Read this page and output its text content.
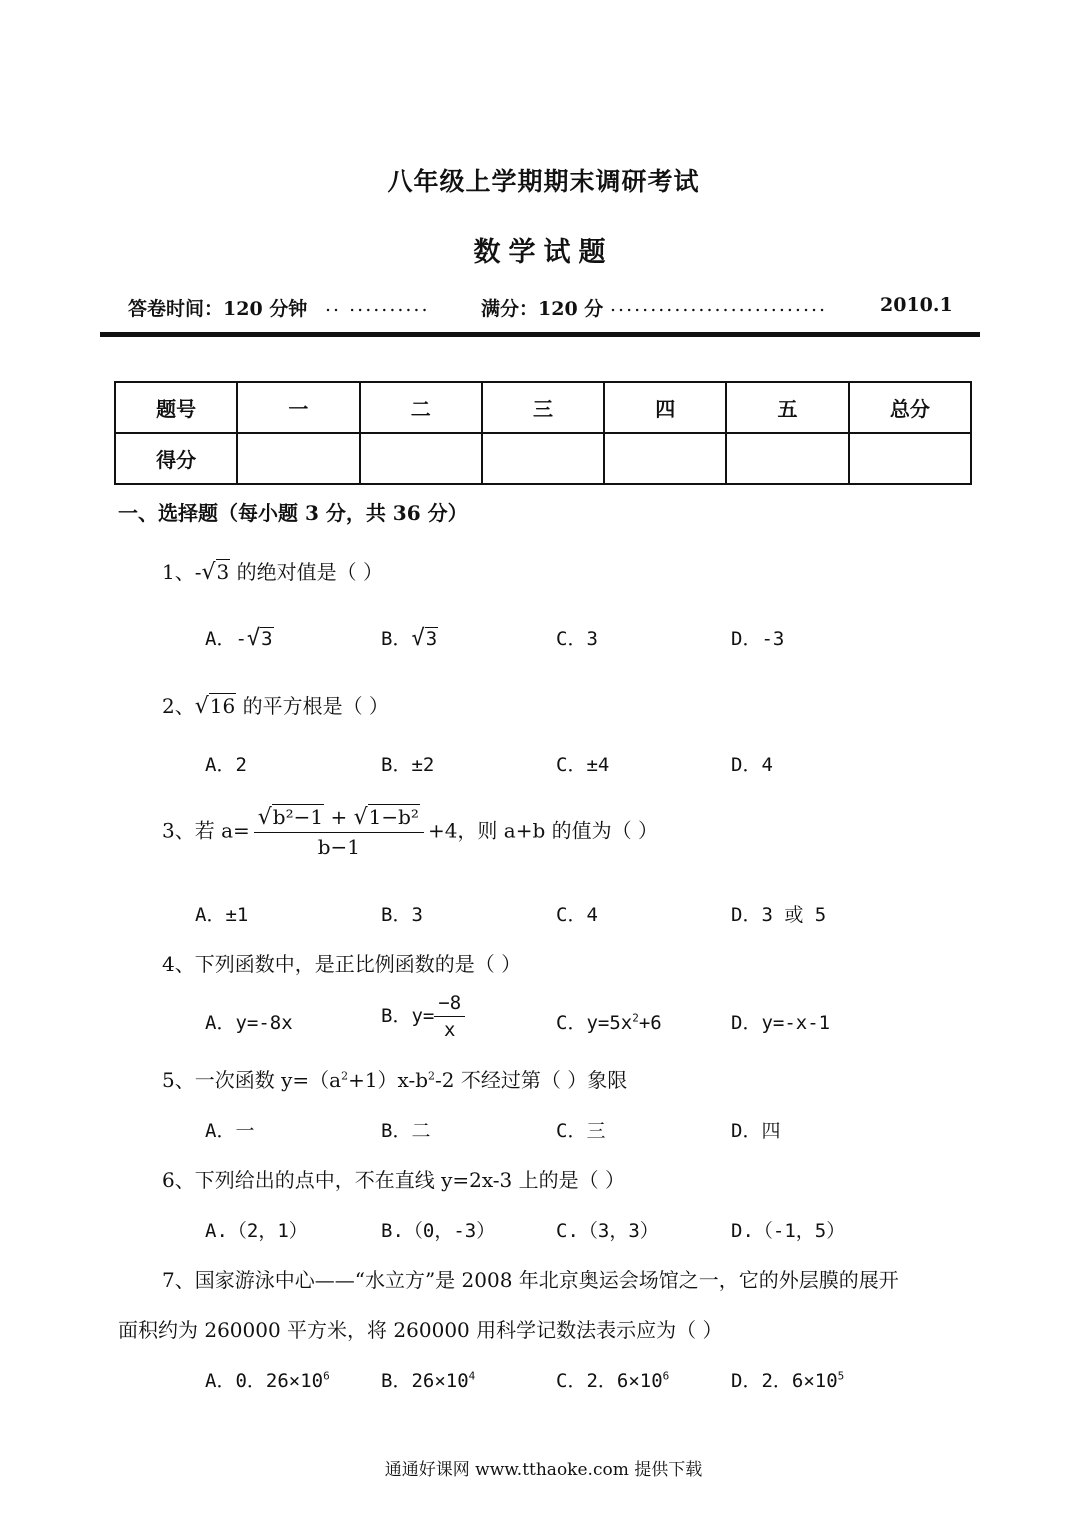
八年级上学期期末调研考试
数学试题
答卷时间：120 分钟 .. ..........	满分：120 分 ...........................	2010.1
题号	一	二	三	四	五	总分
得分						
一、选择题（每小题 3 分，共 36 分）
1、-√3 的绝对值是（ ）
A．-√3	B．√3	C．3	D．-3
2、√16 的平方根是（ ）
A．2	B．±2	C．±4	D．4
3、若 $a= \frac{\text{√b²−1 + √1−b²}}{b-1} +4$，则 a+b 的值为（ ）
A．±1	B．3	C．4	D．3 或 5
4、下列函数中，是正比例函数的是（ ）
A．y=-8x	B．$y= \frac{-8}{x}$	C．$y=5x^2+6$	D．y=-x-1
5、一次函数 $y=(a^2+1)x-b^2-2$ 不经过第（ ）象限
A．一	B．二	C．三	D．四
6、下列给出的点中，不在直线 y=2x-3 上的是（ ）
A.（2，1）	B.（0，-3）	C.（3，3）	D.（-1，5）
7、国家游泳中心——“水立方”是 2008 年北京奥运会场馆之一，它的外层膜的展开
面积约为 260000 平方米，将 260000 用科学记数法表示应为（ ）
A．0．$26\times 10^6$	B．$26\times 10^4$	C．2．$6\times 10^6$	D．2．$6\times 10^5$
通通好课网 www.tthaoke.com 提供下载
